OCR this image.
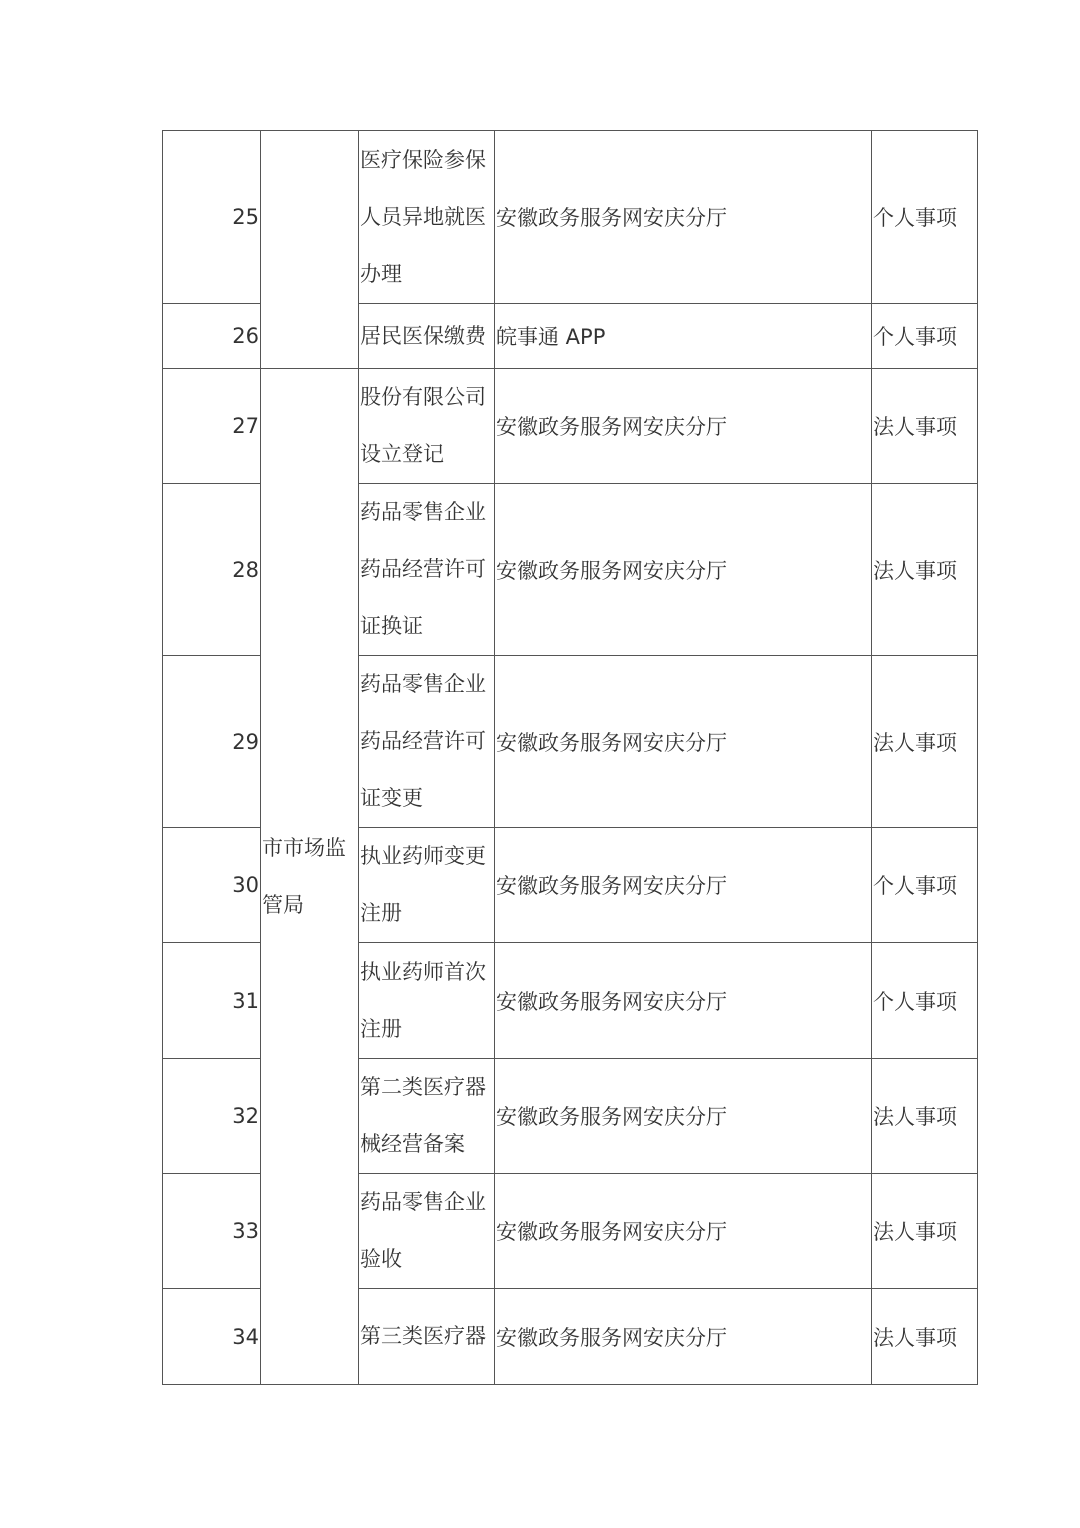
25		医疗保险参保人员异地就医办理	安徽政务服务网安庆分厅	个人事项
26		居民医保缴费	皖事通 APP	个人事项
27	市市场监管局	股份有限公司设立登记	安徽政务服务网安庆分厅	法人事项
28		药品零售企业药品经营许可证换证	安徽政务服务网安庆分厅	法人事项
29		药品零售企业药品经营许可证变更	安徽政务服务网安庆分厅	法人事项
30		执业药师变更注册	安徽政务服务网安庆分厅	个人事项
31		执业药师首次注册	安徽政务服务网安庆分厅	个人事项
32		第二类医疗器械经营备案	安徽政务服务网安庆分厅	法人事项
33		药品零售企业验收	安徽政务服务网安庆分厅	法人事项
34		第三类医疗器	安徽政务服务网安庆分厅	法人事项
